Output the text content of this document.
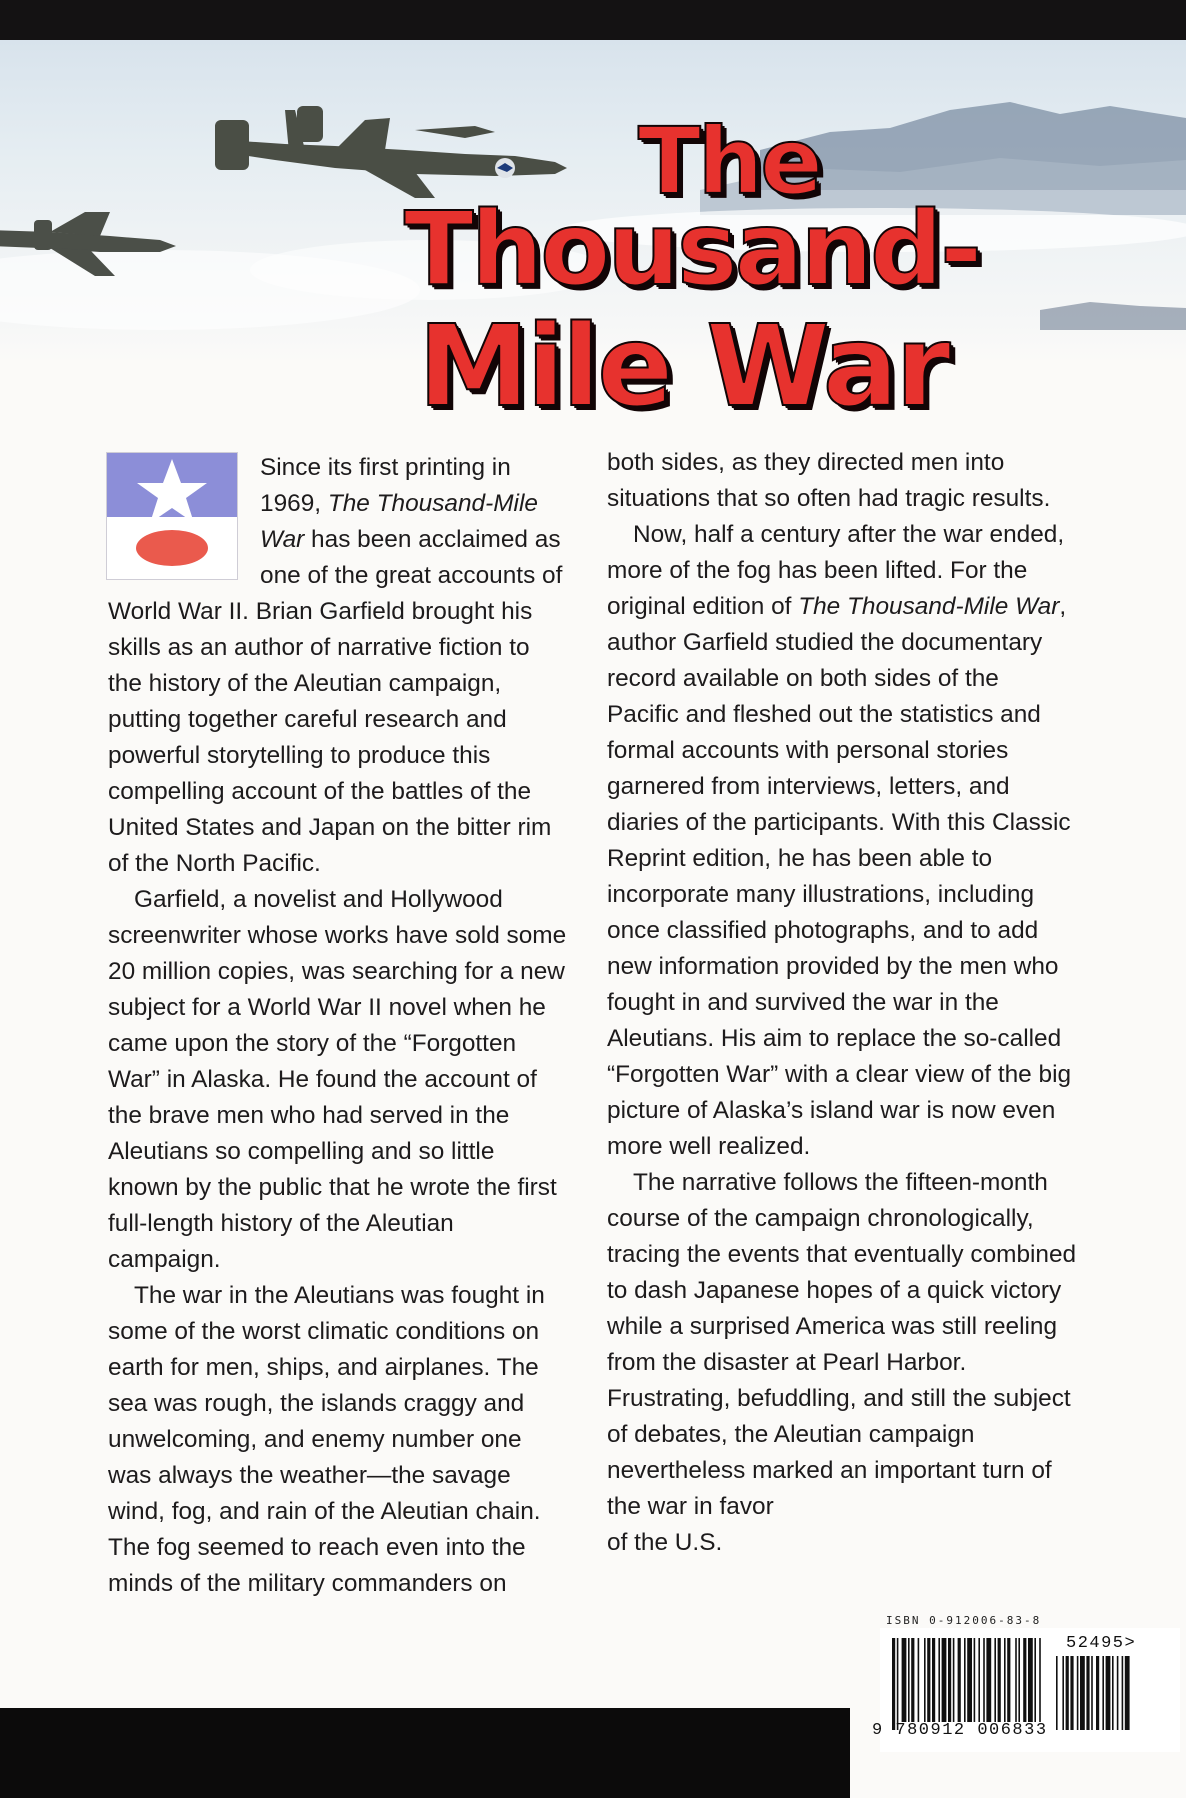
The
Thousand-
Mile War

Since its first printing in 1969, The Thousand-Mile War has been acclaimed as one of the great accounts of World War II. Brian Garfield brought his skills as an author of narrative fiction to the history of the Aleutian campaign, putting together careful research and powerful storytelling to produce this compelling account of the battles of the United States and Japan on the bitter rim of the North Pacific.

Garfield, a novelist and Hollywood screenwriter whose works have sold some 20 million copies, was searching for a new subject for a World War II novel when he came upon the story of the “Forgotten War” in Alaska. He found the account of the brave men who had served in the Aleutians so compelling and so little known by the public that he wrote the first full-length history of the Aleutian campaign.

The war in the Aleutians was fought in some of the worst climatic conditions on earth for men, ships, and airplanes. The sea was rough, the islands craggy and unwelcoming, and enemy number one was always the weather—the savage wind, fog, and rain of the Aleutian chain. The fog seemed to reach even into the minds of the military commanders on

both sides, as they directed men into situations that so often had tragic results.

Now, half a century after the war ended, more of the fog has been lifted. For the original edition of The Thousand-Mile War, author Garfield studied the documentary record available on both sides of the Pacific and fleshed out the statistics and formal accounts with personal stories garnered from interviews, letters, and diaries of the participants. With this Classic Reprint edition, he has been able to incorporate many illustrations, including once classified photographs, and to add new information provided by the men who fought in and survived the war in the Aleutians. His aim to replace the so-called “Forgotten War” with a clear view of the big picture of Alaska’s island war is now even more well realized.

The narrative follows the fifteen-month course of the campaign chronologically, tracing the events that eventually combined to dash Japanese hopes of a quick victory while a surprised America was still reeling from the disaster at Pearl Harbor. Frustrating, befuddling, and still the subject of debates, the Aleutian campaign nevertheless marked an important turn of the war in favor

of the U.S.

ISBN 0-912006-83-8
9 780912 006833
52495>
